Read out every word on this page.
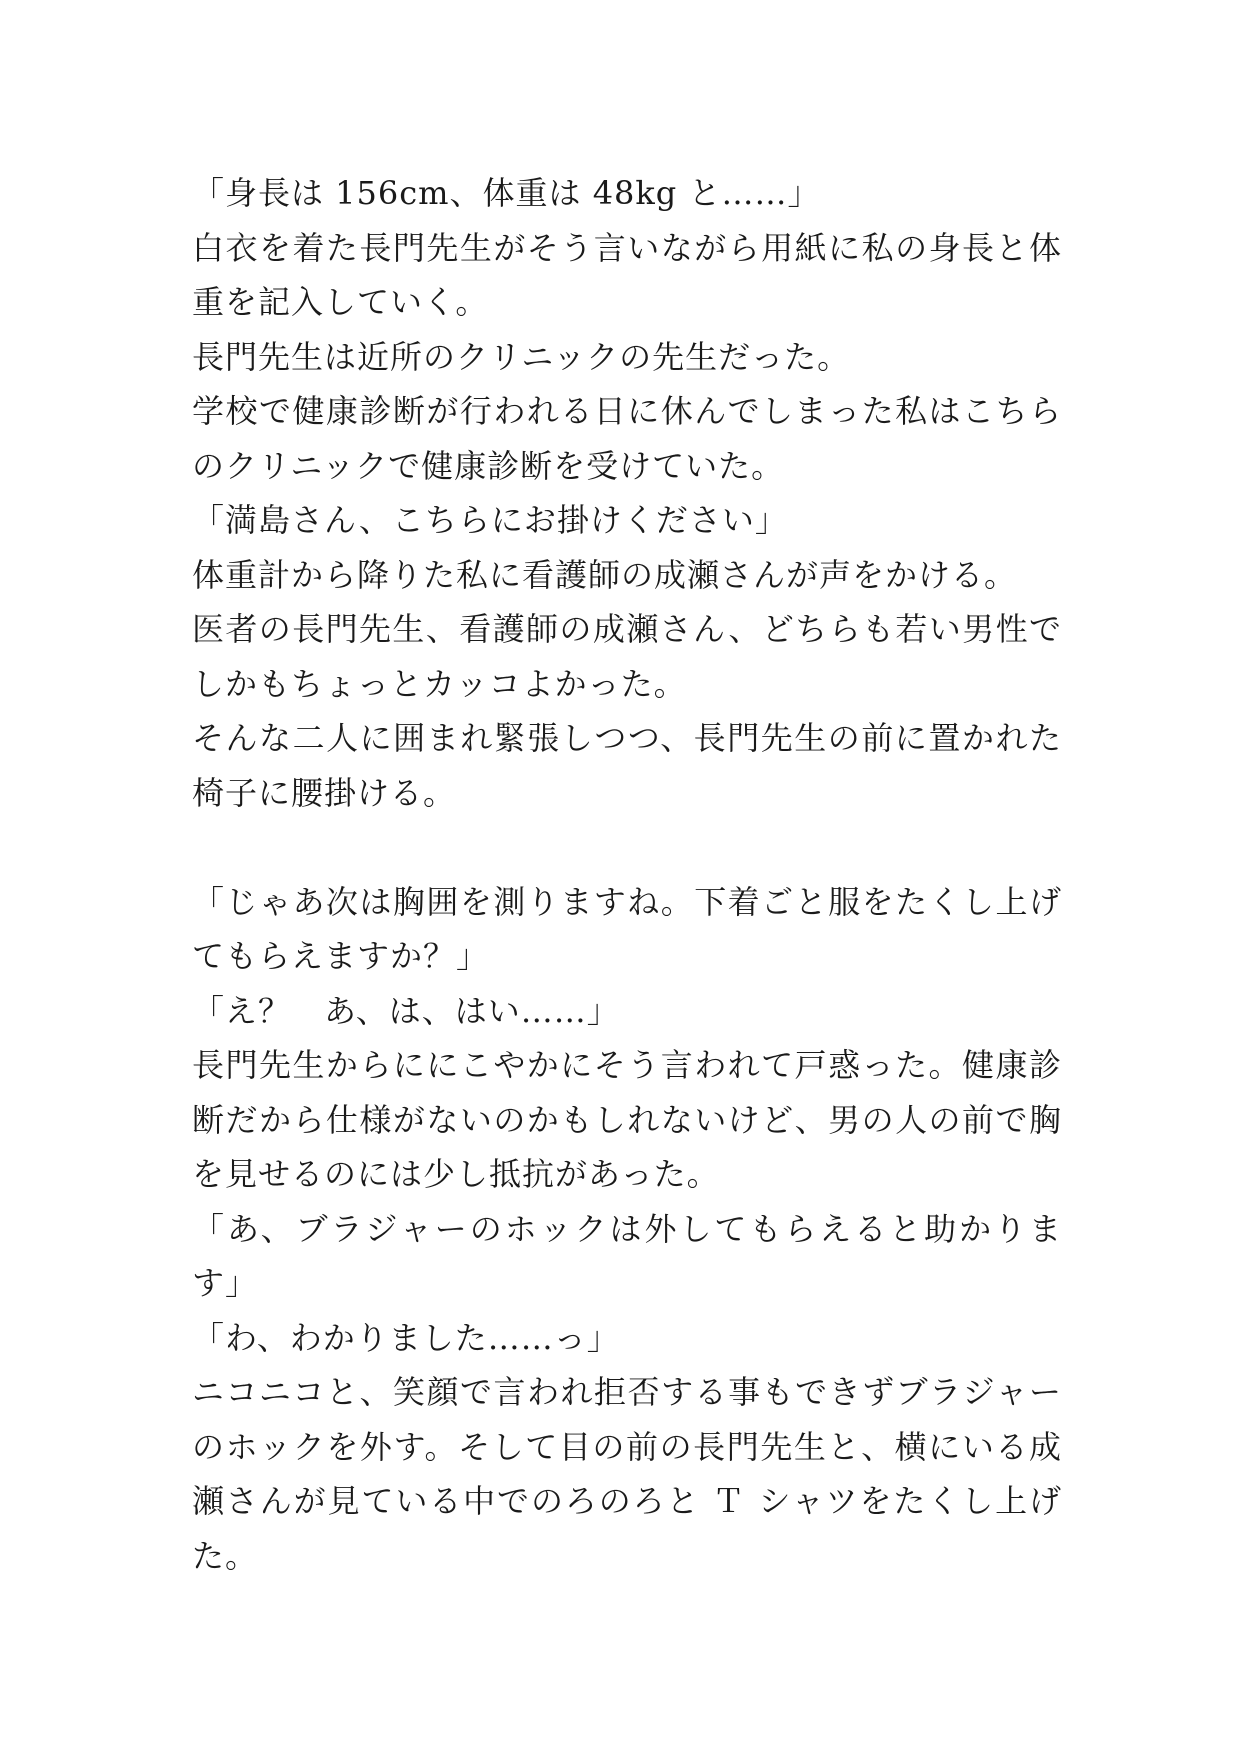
「身長は 156cm、体重は 48kg と……」

白衣を着た長門先生がそう言いながら用紙に私の身長と体重を記入していく。

長門先生は近所のクリニックの先生だった。

学校で健康診断が行われる日に休んでしまった私はこちらのクリニックで健康診断を受けていた。

「満島さん、こちらにお掛けください」

体重計から降りた私に看護師の成瀬さんが声をかける。

医者の長門先生、看護師の成瀬さん、どちらも若い男性でしかもちょっとカッコよかった。

そんな二人に囲まれ緊張しつつ、長門先生の前に置かれた椅子に腰掛ける。

「じゃあ次は胸囲を測りますね。下着ごと服をたくし上げてもらえますか？」

「え？　あ、は、はい……」

長門先生からににこやかにそう言われて戸惑った。健康診断だから仕様がないのかもしれないけど、男の人の前で胸を見せるのには少し抵抗があった。

「あ、ブラジャーのホックは外してもらえると助かります」

「わ、わかりました……っ」

ニコニコと、笑顔で言われ拒否する事もできずブラジャーのホックを外す。そして目の前の長門先生と、横にいる成瀬さんが見ている中でのろのろと Ｔ シャツをたくし上げた。
